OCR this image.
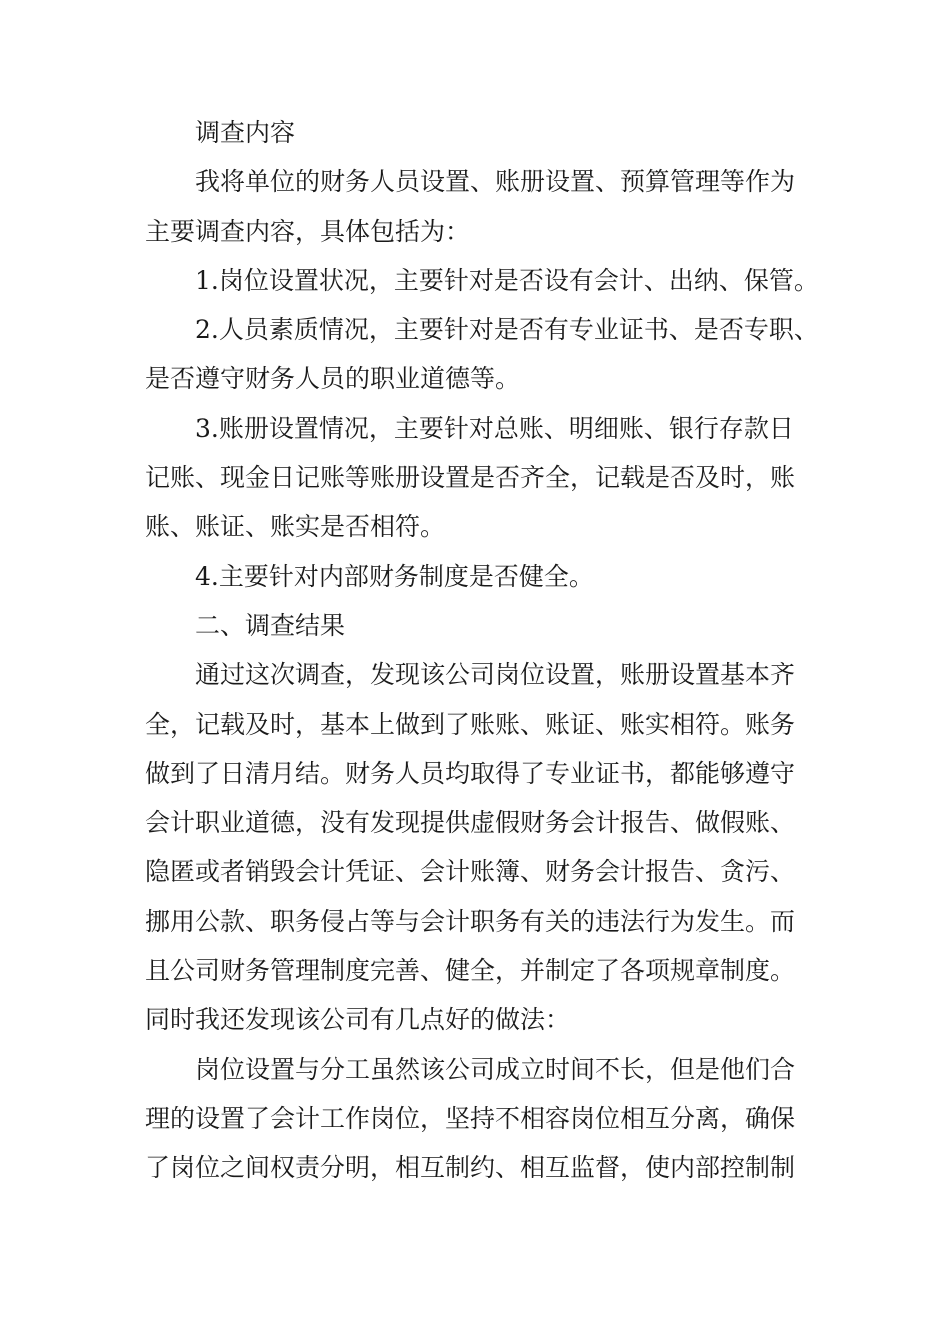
调查内容
我将单位的财务人员设置、账册设置、预算管理等作为
主要调查内容，具体包括为：
1.岗位设置状况，主要针对是否设有会计、出纳、保管。
2.人员素质情况，主要针对是否有专业证书、是否专职、
是否遵守财务人员的职业道德等。
3.账册设置情况，主要针对总账、明细账、银行存款日
记账、现金日记账等账册设置是否齐全，记载是否及时，账
账、账证、账实是否相符。
4.主要针对内部财务制度是否健全。
二、调查结果
通过这次调查，发现该公司岗位设置，账册设置基本齐
全，记载及时，基本上做到了账账、账证、账实相符。账务
做到了日清月结。财务人员均取得了专业证书，都能够遵守
会计职业道德，没有发现提供虚假财务会计报告、做假账、
隐匿或者销毁会计凭证、会计账簿、财务会计报告、贪污、
挪用公款、职务侵占等与会计职务有关的违法行为发生。而
且公司财务管理制度完善、健全，并制定了各项规章制度。
同时我还发现该公司有几点好的做法：
岗位设置与分工虽然该公司成立时间不长，但是他们合
理的设置了会计工作岗位，坚持不相容岗位相互分离，确保
了岗位之间权责分明，相互制约、相互监督，使内部控制制
